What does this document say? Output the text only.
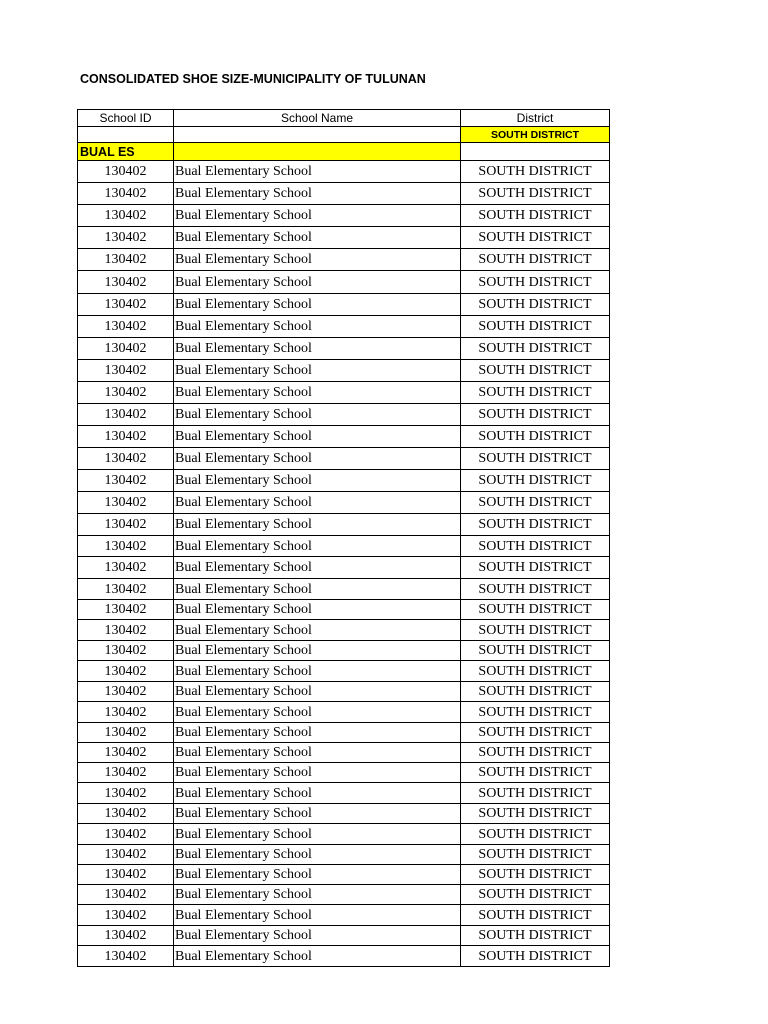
CONSOLIDATED SHOE SIZE-MUNICIPALITY OF TULUNAN
School ID	School Name	District
		SOUTH DISTRICT
BUAL ES		
130402	Bual Elementary School	SOUTH DISTRICT
130402	Bual Elementary School	SOUTH DISTRICT
130402	Bual Elementary School	SOUTH DISTRICT
130402	Bual Elementary School	SOUTH DISTRICT
130402	Bual Elementary School	SOUTH DISTRICT
130402	Bual Elementary School	SOUTH DISTRICT
130402	Bual Elementary School	SOUTH DISTRICT
130402	Bual Elementary School	SOUTH DISTRICT
130402	Bual Elementary School	SOUTH DISTRICT
130402	Bual Elementary School	SOUTH DISTRICT
130402	Bual Elementary School	SOUTH DISTRICT
130402	Bual Elementary School	SOUTH DISTRICT
130402	Bual Elementary School	SOUTH DISTRICT
130402	Bual Elementary School	SOUTH DISTRICT
130402	Bual Elementary School	SOUTH DISTRICT
130402	Bual Elementary School	SOUTH DISTRICT
130402	Bual Elementary School	SOUTH DISTRICT
130402	Bual Elementary School	SOUTH DISTRICT
130402	Bual Elementary School	SOUTH DISTRICT
130402	Bual Elementary School	SOUTH DISTRICT
130402	Bual Elementary School	SOUTH DISTRICT
130402	Bual Elementary School	SOUTH DISTRICT
130402	Bual Elementary School	SOUTH DISTRICT
130402	Bual Elementary School	SOUTH DISTRICT
130402	Bual Elementary School	SOUTH DISTRICT
130402	Bual Elementary School	SOUTH DISTRICT
130402	Bual Elementary School	SOUTH DISTRICT
130402	Bual Elementary School	SOUTH DISTRICT
130402	Bual Elementary School	SOUTH DISTRICT
130402	Bual Elementary School	SOUTH DISTRICT
130402	Bual Elementary School	SOUTH DISTRICT
130402	Bual Elementary School	SOUTH DISTRICT
130402	Bual Elementary School	SOUTH DISTRICT
130402	Bual Elementary School	SOUTH DISTRICT
130402	Bual Elementary School	SOUTH DISTRICT
130402	Bual Elementary School	SOUTH DISTRICT
130402	Bual Elementary School	SOUTH DISTRICT
130402	Bual Elementary School	SOUTH DISTRICT
